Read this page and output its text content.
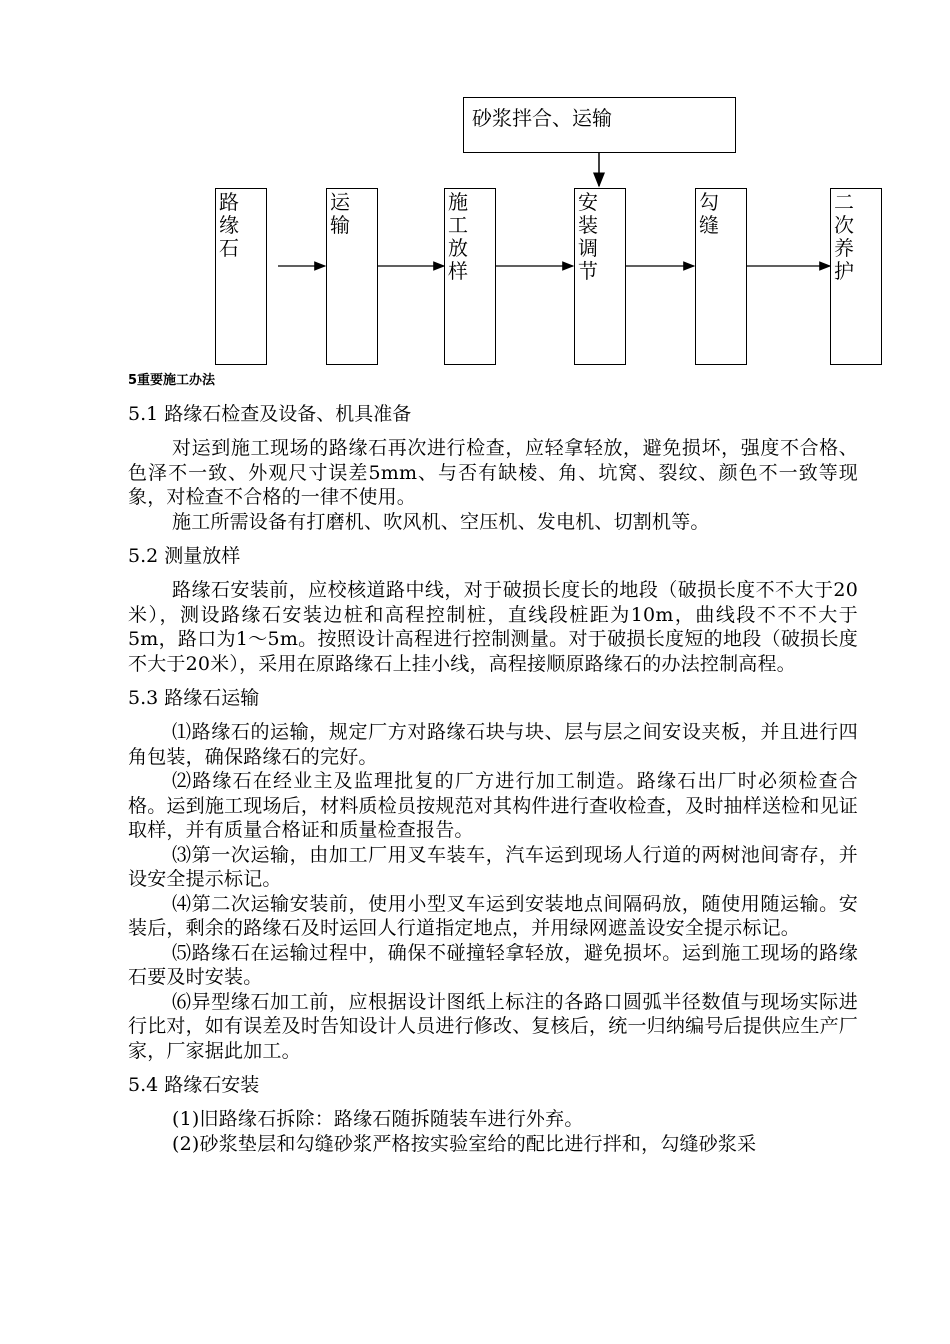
砂浆拌合、运输
路缘石
运输
施工放样
安装调节
勾缝
二次养护
5重要施工办法
5.1 路缘石检查及设备、机具准备

对运到施工现场的路缘石再次进行检查，应轻拿轻放，避免损坏，强度不合格、色泽不一致、外观尺寸误差5mm、与否有缺棱、角、坑窝、裂纹、颜色不一致等现象，对检查不合格的一律不使用。

施工所需设备有打磨机、吹风机、空压机、发电机、切割机等。

5.2 测量放样

路缘石安装前，应校核道路中线，对于破损长度长的地段（破损长度不不大于20米），测设路缘石安装边桩和高程控制桩，直线段桩距为10m，曲线段不不不大于5m，路口为1～5m。按照设计高程进行控制测量。对于破损长度短的地段（破损长度不大于20米），采用在原路缘石上挂小线，高程接顺原路缘石的办法控制高程。

5.3 路缘石运输

⑴路缘石的运输，规定厂方对路缘石块与块、层与层之间安设夹板，并且进行四角包装，确保路缘石的完好。

⑵路缘石在经业主及监理批复的厂方进行加工制造。路缘石出厂时必须检查合格。运到施工现场后，材料质检员按规范对其构件进行查收检查，及时抽样送检和见证取样，并有质量合格证和质量检查报告。

⑶第一次运输，由加工厂用叉车装车，汽车运到现场人行道的两树池间寄存，并设安全提示标记。

⑷第二次运输安装前，使用小型叉车运到安装地点间隔码放，随使用随运输。安装后，剩余的路缘石及时运回人行道指定地点，并用绿网遮盖设安全提示标记。

⑸路缘石在运输过程中，确保不碰撞轻拿轻放，避免损坏。运到施工现场的路缘石要及时安装。

⑹异型缘石加工前，应根据设计图纸上标注的各路口圆弧半径数值与现场实际进行比对，如有误差及时告知设计人员进行修改、复核后，统一归纳编号后提供应生产厂家，厂家据此加工。

5.4 路缘石安装

(1)旧路缘石拆除：路缘石随拆随装车进行外弃。

(2)砂浆垫层和勾缝砂浆严格按实验室给的配比进行拌和，勾缝砂浆采
